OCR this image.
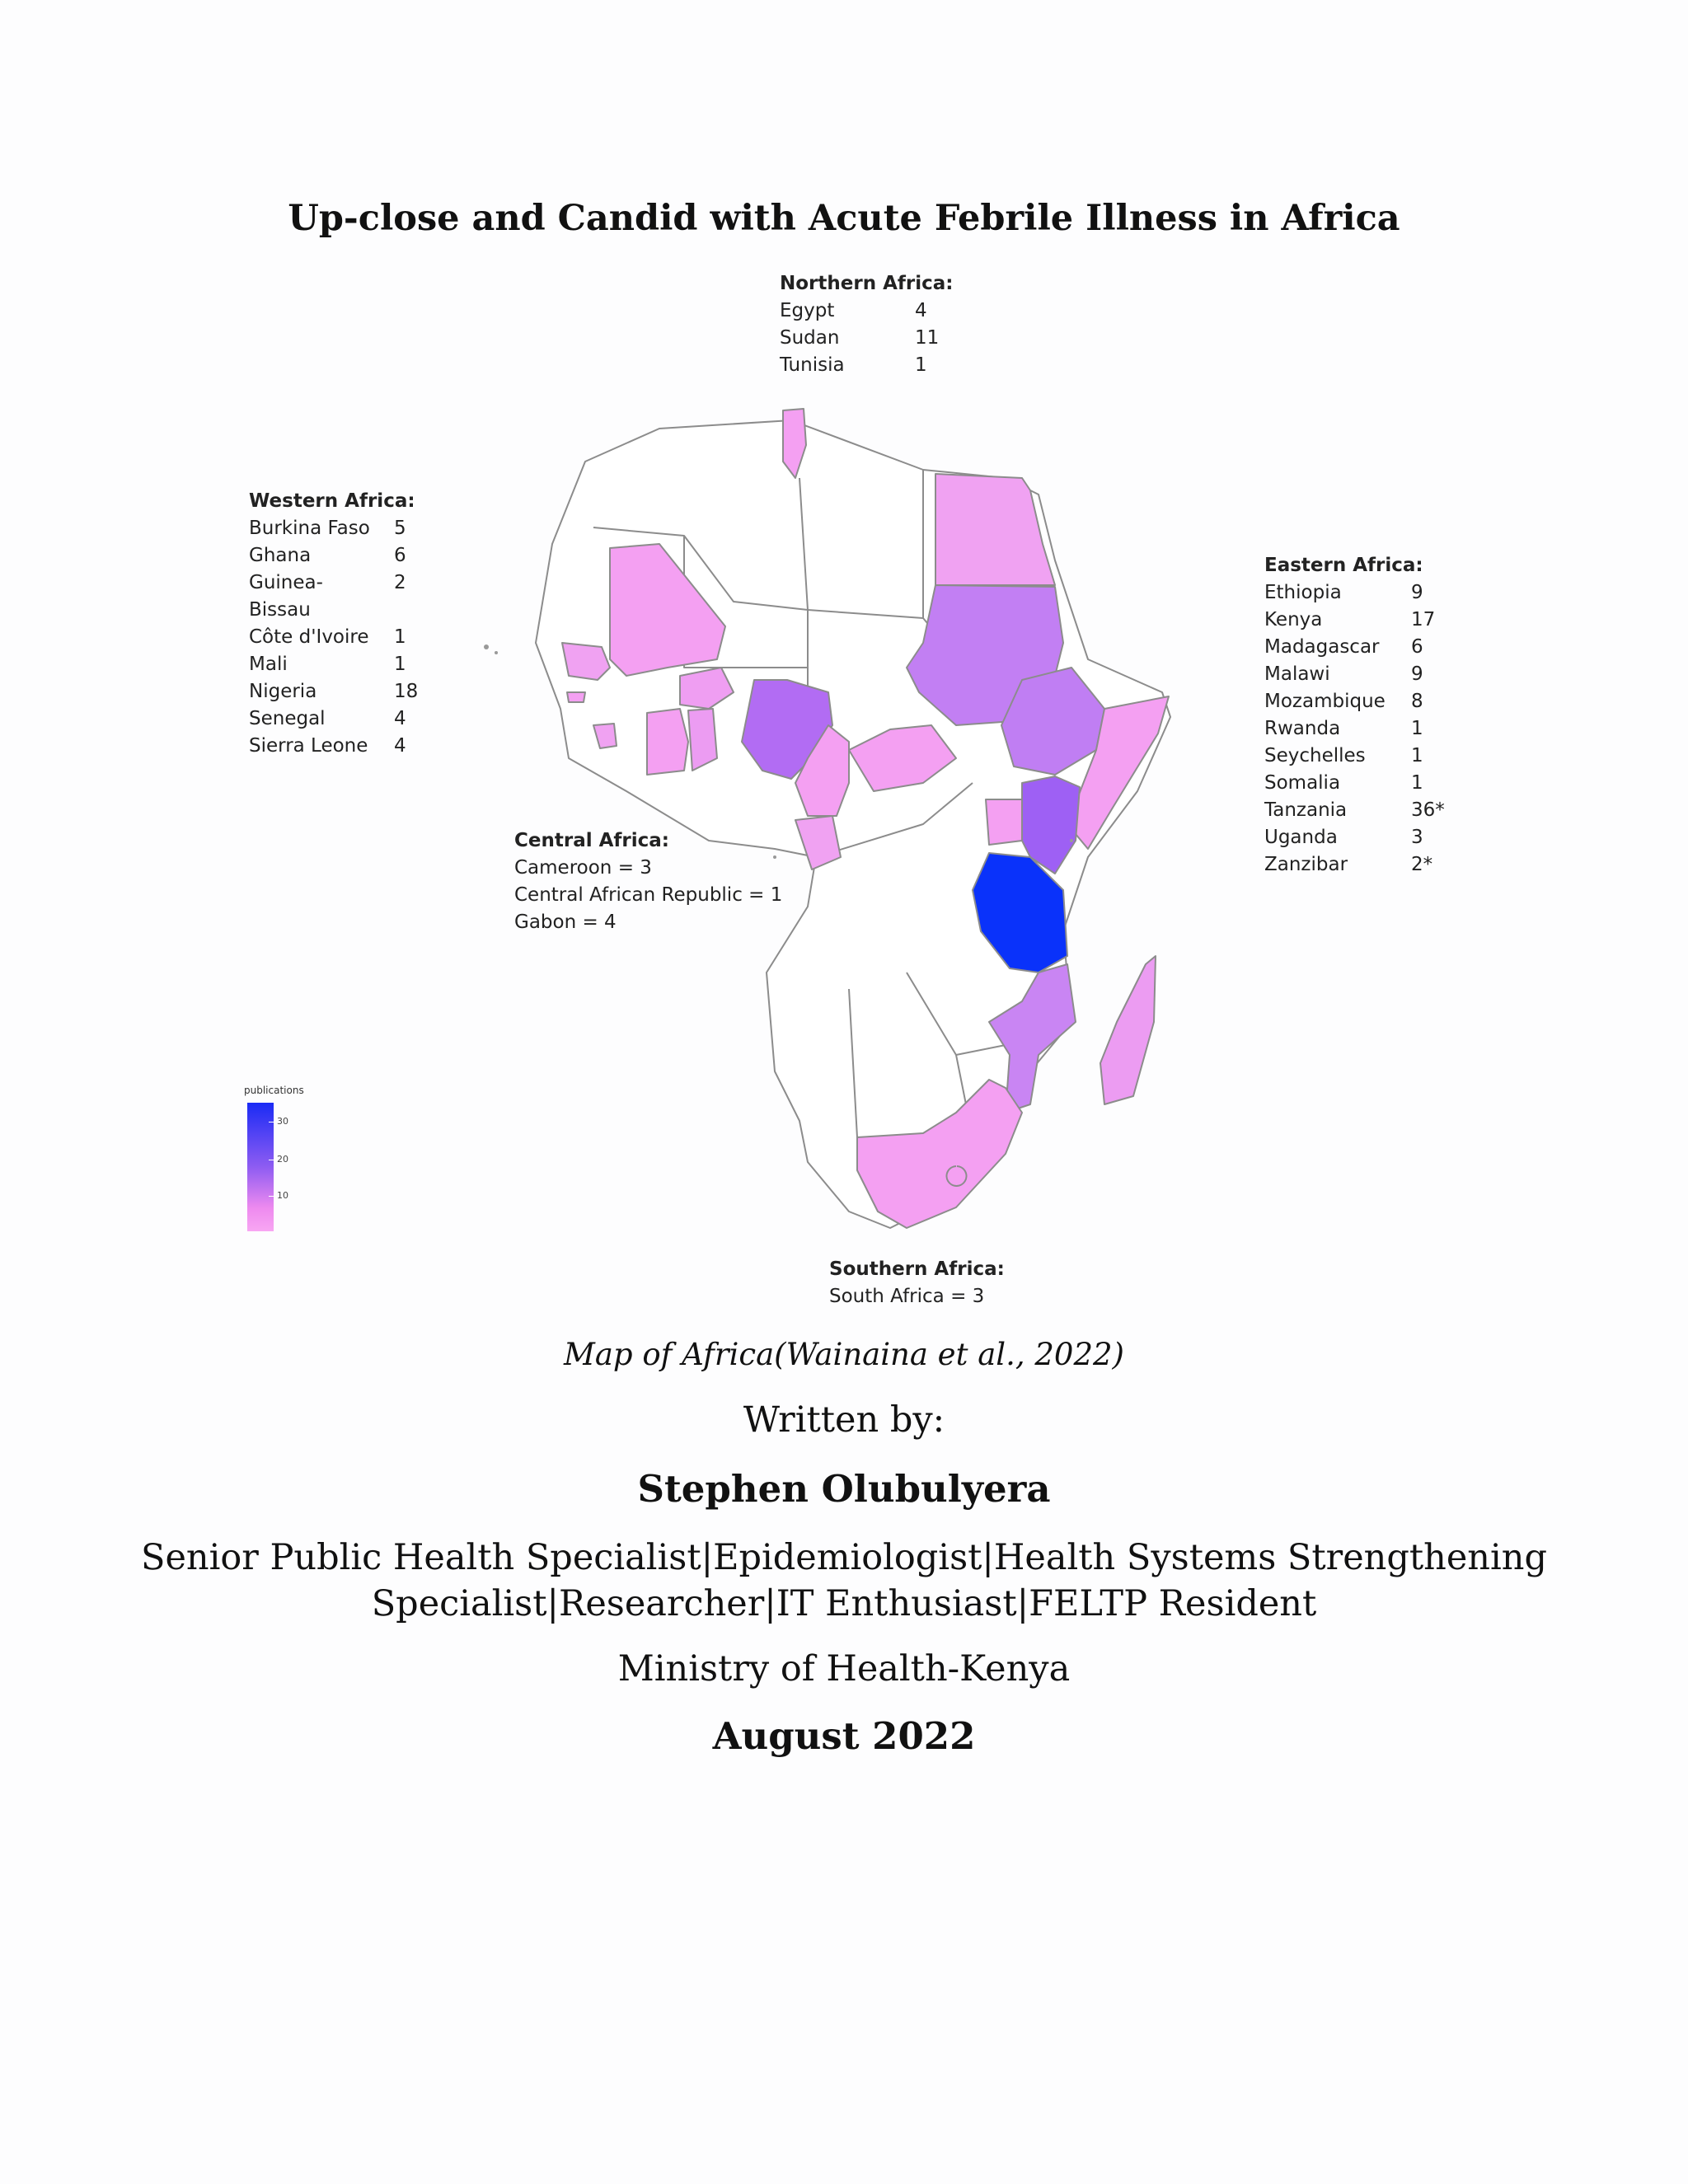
Up-close and Candid with Acute Febrile Illness in Africa
Northern Africa:
Egypt	4
Sudan	11
Tunisia	1
Western Africa:
Burkina Faso	5
Ghana	6
Guinea-Bissau	2
Côte d'Ivoire	1
Mali	1
Nigeria	18
Senegal	4
Sierra Leone	4
Eastern Africa:
Ethiopia	9
Kenya	17
Madagascar	6
Malawi	9
Mozambique	8
Rwanda	1
Seychelles	1
Somalia	1
Tanzania	36*
Uganda	3
Zanzibar	2*
Central Africa:
Cameroon = 3
Central African Republic = 1
Gabon = 4
Southern Africa:
South Africa = 3
publications
30
20
10
Map of Africa(Wainaina et al., 2022)
Written by:
Stephen Olubulyera
Senior Public Health Specialist|Epidemiologist|Health Systems Strengthening
Specialist|Researcher|IT Enthusiast|FELTP Resident
Ministry of Health-Kenya
August 2022
